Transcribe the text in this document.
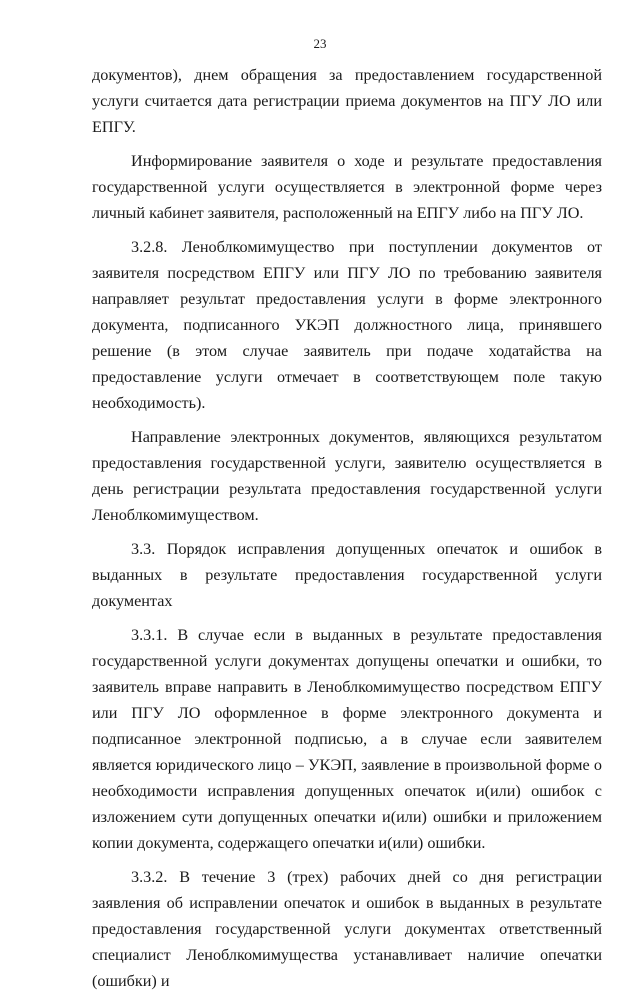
23

документов), днем обращения за предоставлением государственной услуги считается дата регистрации приема документов на ПГУ ЛО или ЕПГУ.

Информирование заявителя о ходе и результате предоставления государственной услуги осуществляется в электронной форме через личный кабинет заявителя, расположенный на ЕПГУ либо на ПГУ ЛО.

3.2.8. Леноблкомимущество при поступлении документов от заявителя посредством ЕПГУ или ПГУ ЛО по требованию заявителя направляет результат предоставления услуги в форме электронного документа, подписанного УКЭП должностного лица, принявшего решение (в этом случае заявитель при подаче ходатайства на предоставление услуги отмечает в соответствующем поле такую необходимость).

Направление электронных документов, являющихся результатом предоставления государственной услуги, заявителю осуществляется в день регистрации результата предоставления государственной услуги Леноблкомимуществом.

3.3. Порядок исправления допущенных опечаток и ошибок в выданных в результате предоставления государственной услуги документах

3.3.1. В случае если в выданных в результате предоставления государственной услуги документах допущены опечатки и ошибки, то заявитель вправе направить в Леноблкомимущество посредством ЕПГУ или ПГУ ЛО оформленное в форме электронного документа и подписанное электронной подписью, а в случае если заявителем является юридического лицо – УКЭП, заявление в произвольной форме о необходимости исправления допущенных опечаток и(или) ошибок с изложением сути допущенных опечатки и(или) ошибки и приложением копии документа, содержащего опечатки и(или) ошибки.

3.3.2. В течение 3 (трех) рабочих дней со дня регистрации заявления об исправлении опечаток и ошибок в выданных в результате предоставления государственной услуги документах ответственный специалист Леноблкомимущества устанавливает наличие опечатки (ошибки) и
